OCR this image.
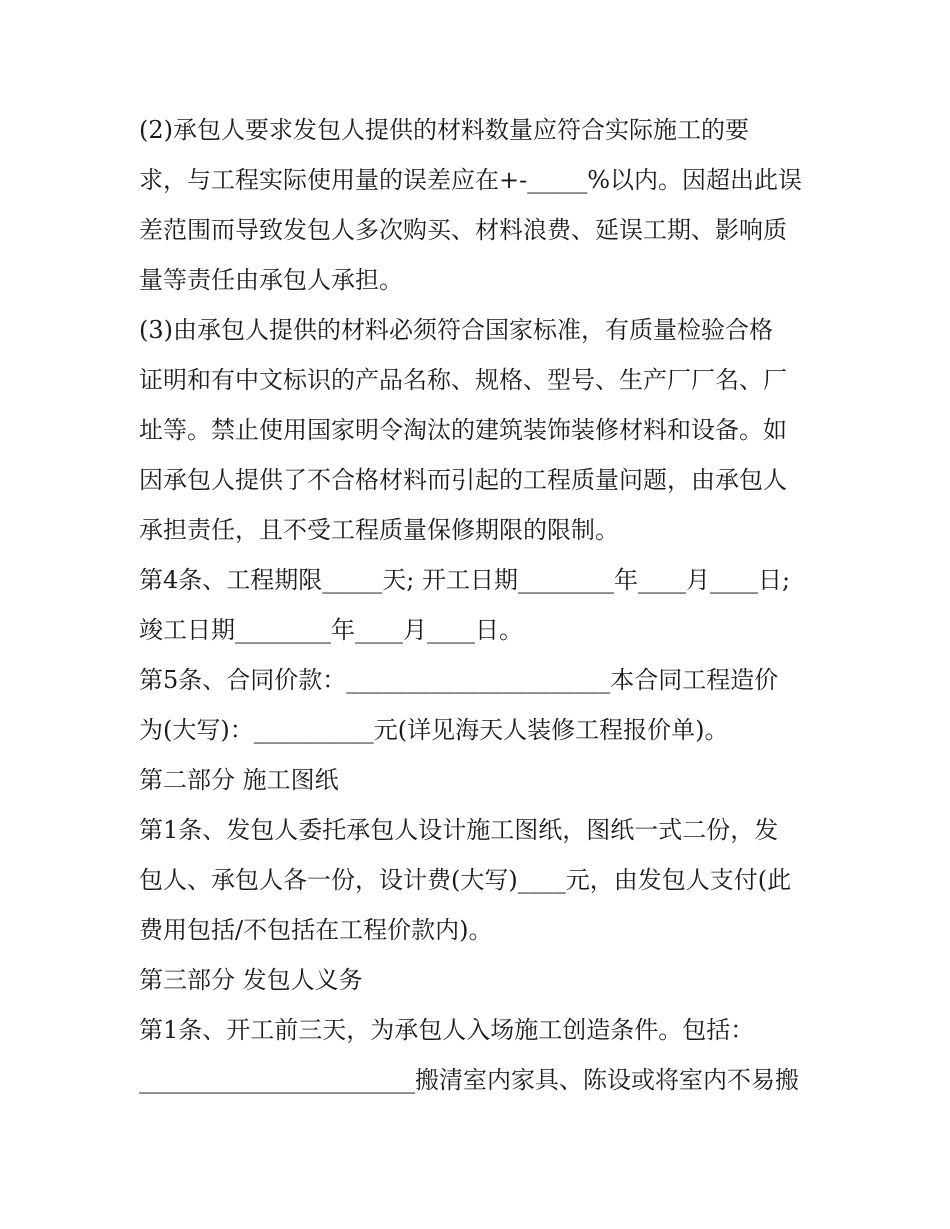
(2)承包人要求发包人提供的材料数量应符合实际施工的要
求，与工程实际使用量的误差应在+-_____%以内。因超出此误
差范围而导致发包人多次购买、材料浪费、延误工期、影响质
量等责任由承包人承担。
(3)由承包人提供的材料必须符合国家标准，有质量检验合格
证明和有中文标识的产品名称、规格、型号、生产厂厂名、厂
址等。禁止使用国家明令淘汰的建筑装饰装修材料和设备。如
因承包人提供了不合格材料而引起的工程质量问题，由承包人
承担责任，且不受工程质量保修期限的限制。
第4条、工程期限_____天; 开工日期________年____月____日;
竣工日期________年____月____日。
第5条、合同价款：______________________本合同工程造价
为(大写)：__________元(详见海天人装修工程报价单)。
第二部分 施工图纸
第1条、发包人委托承包人设计施工图纸，图纸一式二份，发
包人、承包人各一份，设计费(大写)____元，由发包人支付(此
费用包括/不包括在工程价款内)。
第三部分 发包人义务
第1条、开工前三天，为承包人入场施工创造条件。包括：
_______________________搬清室内家具、陈设或将室内不易搬
